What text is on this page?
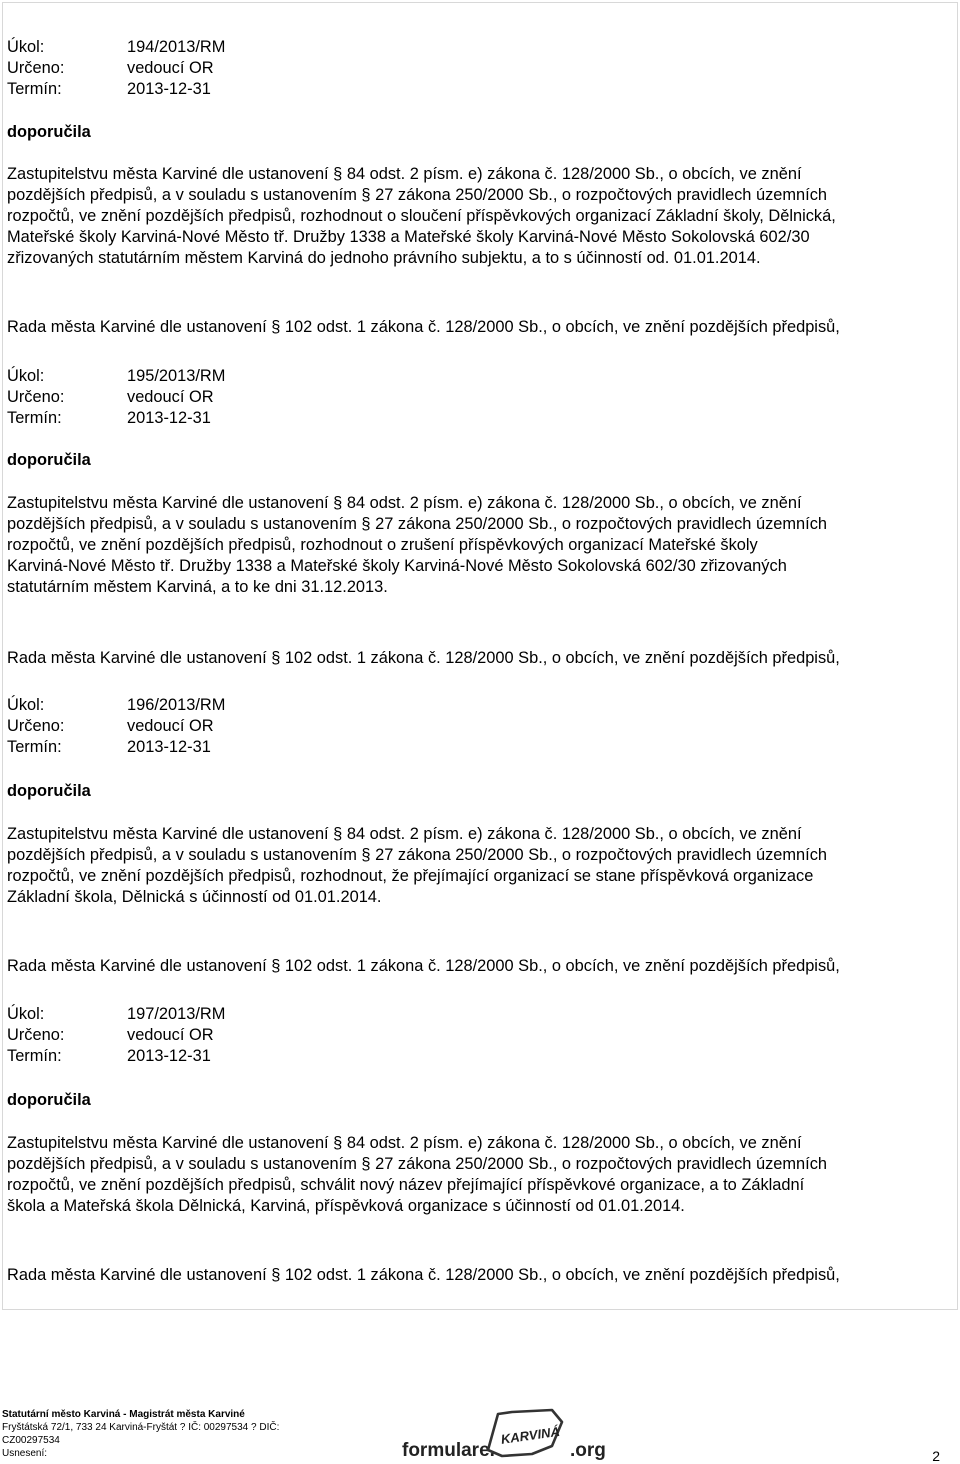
Úkol:	194/2013/RM
Určeno:	vedoucí OR
Termín:	2013-12-31
doporučila
Zastupitelstvu města Karviné dle ustanovení § 84 odst. 2 písm. e) zákona č. 128/2000 Sb., o obcích, ve znění
pozdějších předpisů, a v souladu s ustanovením § 27 zákona 250/2000 Sb., o rozpočtových pravidlech územních
rozpočtů, ve znění pozdějších předpisů, rozhodnout o sloučení příspěvkových organizací Základní školy, Dělnická,
Mateřské školy Karviná-Nové Město tř. Družby 1338 a Mateřské školy Karviná-Nové Město Sokolovská 602/30
zřizovaných statutárním městem Karviná do jednoho právního subjektu, a to s účinností od. 01.01.2014.
Rada města Karviné dle ustanovení § 102 odst. 1 zákona č. 128/2000 Sb., o obcích, ve znění pozdějších předpisů,
Úkol:	195/2013/RM
Určeno:	vedoucí OR
Termín:	2013-12-31
doporučila
Zastupitelstvu města Karviné dle ustanovení § 84 odst. 2 písm. e) zákona č. 128/2000 Sb., o obcích, ve znění
pozdějších předpisů, a v souladu s ustanovením § 27 zákona 250/2000 Sb., o rozpočtových pravidlech územních
rozpočtů, ve znění pozdějších předpisů, rozhodnout o zrušení příspěvkových organizací Mateřské školy
Karviná-Nové Město tř. Družby 1338 a Mateřské školy Karviná-Nové Město Sokolovská 602/30 zřizovaných
statutárním městem Karviná, a to ke dni 31.12.2013.
Rada města Karviné dle ustanovení § 102 odst. 1 zákona č. 128/2000 Sb., o obcích, ve znění pozdějších předpisů,
Úkol:	196/2013/RM
Určeno:	vedoucí OR
Termín:	2013-12-31
doporučila
Zastupitelstvu města Karviné dle ustanovení § 84 odst. 2 písm. e) zákona č. 128/2000 Sb., o obcích, ve znění
pozdějších předpisů, a v souladu s ustanovením § 27 zákona 250/2000 Sb., o rozpočtových pravidlech územních
rozpočtů, ve znění pozdějších předpisů, rozhodnout, že přejímající organizací se stane příspěvková organizace
Základní škola, Dělnická s účinností od 01.01.2014.
Rada města Karviné dle ustanovení § 102 odst. 1 zákona č. 128/2000 Sb., o obcích, ve znění pozdějších předpisů,
Úkol:	197/2013/RM
Určeno:	vedoucí OR
Termín:	2013-12-31
doporučila
Zastupitelstvu města Karviné dle ustanovení § 84 odst. 2 písm. e) zákona č. 128/2000 Sb., o obcích, ve znění
pozdějších předpisů, a v souladu s ustanovením § 27 zákona 250/2000 Sb., o rozpočtových pravidlech územních
rozpočtů, ve znění pozdějších předpisů, schválit nový název přejímající příspěvkové organizace, a to Základní
škola a Mateřská škola Dělnická, Karviná, příspěvková organizace s účinností od 01.01.2014.
Rada města Karviné dle ustanovení § 102 odst. 1 zákona č. 128/2000 Sb., o obcích, ve znění pozdějších předpisů,
Statutární město Karviná - Magistrát města Karviné
Fryštátská 72/1, 733 24 Karviná-Fryštát ? IČ: 00297534 ? DIČ:
CZ00297534
Usnesení:	formulare.
KARVINÁ
.org	2
